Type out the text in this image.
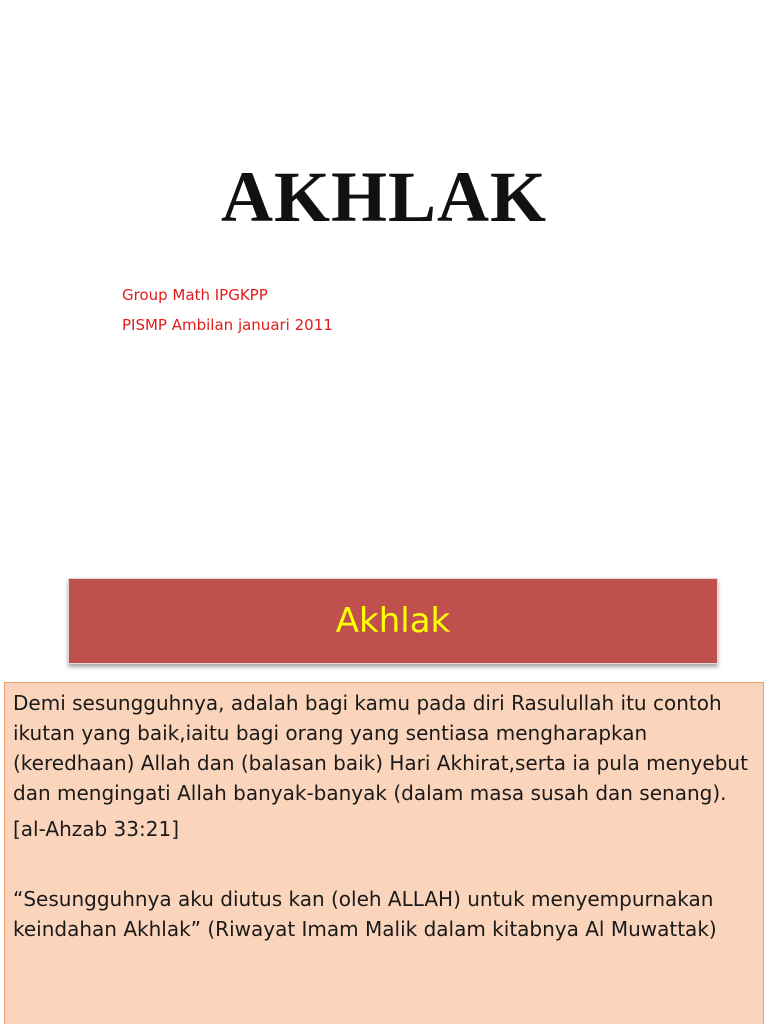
AKHLAK
Group Math IPGKPP
PISMP Ambilan januari 2011
Akhlak

Demi sesungguhnya, adalah bagi kamu pada diri Rasulullah itu contoh ikutan yang baik,iaitu bagi orang yang sentiasa mengharapkan (keredhaan) Allah dan (balasan baik) Hari Akhirat,serta ia pula menyebut dan mengingati Allah banyak-banyak (dalam masa susah dan senang).

[al-Ahzab 33:21]

“Sesungguhnya aku diutus kan (oleh ALLAH) untuk menyempurnakan keindahan Akhlak” (Riwayat Imam Malik dalam kitabnya Al Muwattak)
